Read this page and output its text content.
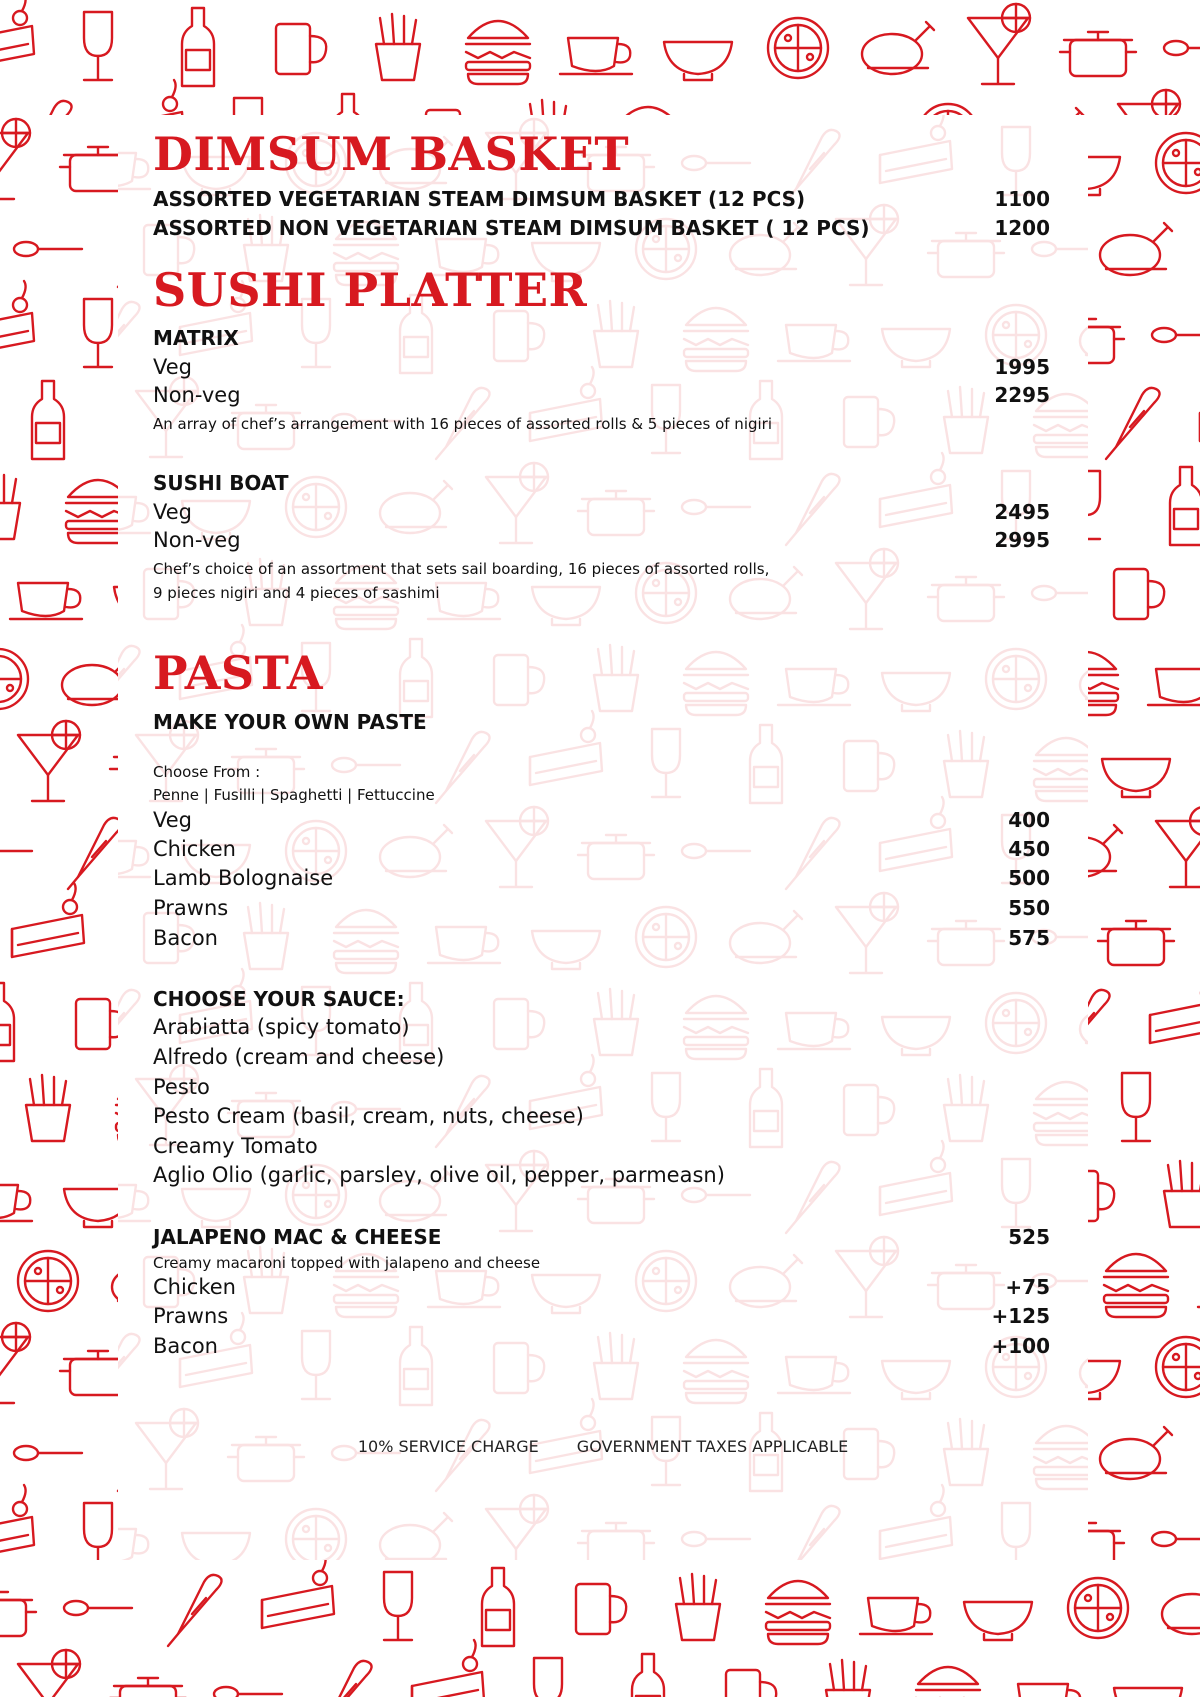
DIMSUM BASKET
ASSORTED VEGETARIAN STEAM DIMSUM BASKET (12 PCS)	1100
ASSORTED NON VEGETARIAN STEAM DIMSUM BASKET ( 12 PCS)	1200
SUSHI PLATTER

MATRIX

Veg	1995
Non-veg	2295

An array of chef’s arrangement with 16 pieces of assorted rolls & 5 pieces of nigiri

SUSHI BOAT

Veg	2495
Non-veg	2995

Chef’s choice of an assortment that sets sail boarding, 16 pieces of assorted rolls,

9 pieces nigiri and 4 pieces of sashimi

PASTA

MAKE YOUR OWN PASTE

Choose From :

Penne | Fusilli | Spaghetti | Fettuccine

Veg	400
Chicken	450
Lamb Bolognaise	500
Prawns	550
Bacon	575

CHOOSE YOUR SAUCE:

Arabiatta (spicy tomato)

Alfredo (cream and cheese)

Pesto

Pesto Cream (basil, cream, nuts, cheese)

Creamy Tomato

Aglio Olio (garlic, parsley, olive oil, pepper, parmeasn)

JALAPENO MAC & CHEESE	525

Creamy macaroni topped with jalapeno and cheese

Chicken	+75
Prawns	+125
Bacon	+100
10% SERVICE CHARGE GOVERNMENT TAXES APPLICABLE
